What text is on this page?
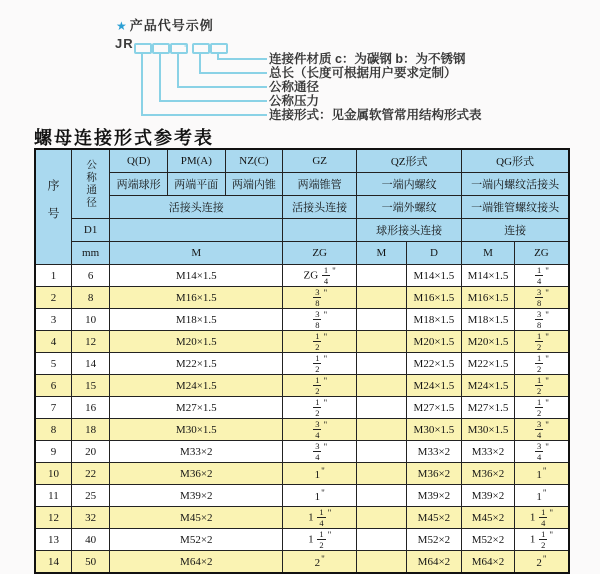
★ 产品代号示例
JR	-
连接件材质 c：为碳钢 b：为不锈钢
总长（长度可根据用户要求定制）
公称通径
公称压力
连接形式：见金属软管常用结构形式表
螺母连接形式参考表
序号	公称通径	Q(D)	PM(A)	NZ(C)	GZ	QZ形式		QG形式	
		两端球形	两端平面	两端内锥	两端锥管	一端内螺纹		一端内螺纹活接头	
		活接头连接			活接头连接	一端外螺纹		一端锥管螺纹接头	
	D1					球形接头连接		连接	
	mm	M			ZG	M	D	M	ZG
1	6	M14×1.5			ZG $\frac{1}{4} ^"$		M14×1.5	M14×1.5	$\frac{1}{4} ^"$
2	8	M16×1.5			$\frac{3}{8} ^"$		M16×1.5	M16×1.5	$\frac{3}{8} ^"$
3	10	M18×1.5			$\frac{3}{8} ^"$		M18×1.5	M18×1.5	$\frac{3}{8} ^"$
4	12	M20×1.5			$\frac{1}{2} ^"$		M20×1.5	M20×1.5	$\frac{1}{2} ^"$
5	14	M22×1.5			$\frac{1}{2} ^"$		M22×1.5	M22×1.5	$\frac{1}{2} ^"$
6	15	M24×1.5			$\frac{1}{2} ^"$		M24×1.5	M24×1.5	$\frac{1}{2} ^"$
7	16	M27×1.5			$\frac{1}{2} ^"$		M27×1.5	M27×1.5	$\frac{1}{2} ^"$
8	18	M30×1.5			$\frac{3}{4} ^"$		M30×1.5	M30×1.5	$\frac{3}{4} ^"$
9	20	M33×2			$\frac{3}{4} ^"$		M33×2	M33×2	$\frac{3}{4} ^"$
10	22	M36×2			1"		M36×2	M36×2	1"
11	25	M39×2			1"		M39×2	M39×2	1"
12	32	M45×2			$1 \frac{1}{4} ^"$		M45×2	M45×2	$1 \frac{1}{4} ^"$
13	40	M52×2			$1 \frac{1}{2} ^"$		M52×2	M52×2	$1 \frac{1}{2} ^"$
14	50	M64×2			2"		M64×2	M64×2	2"
